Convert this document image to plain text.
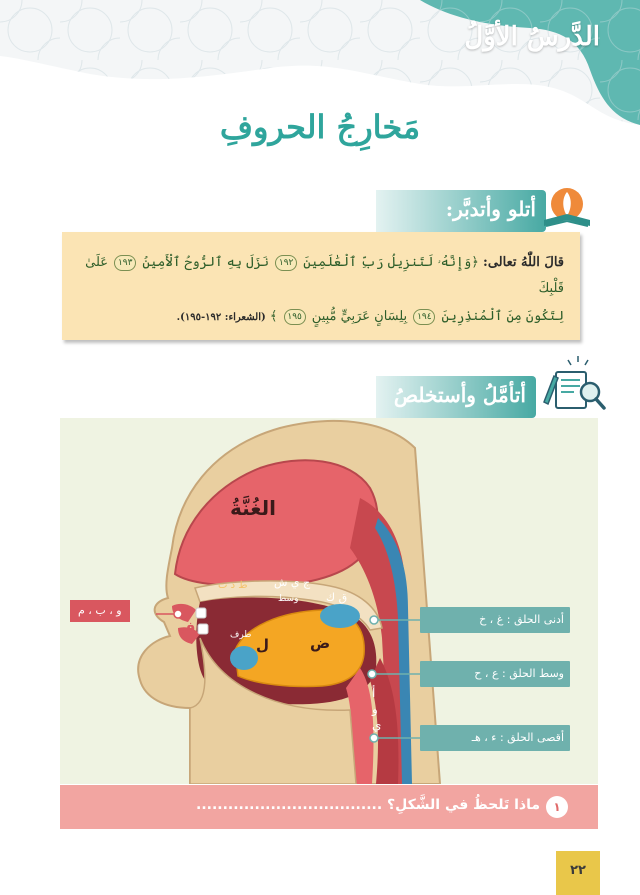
الدَّرسُ الأوَّلُ
مَخارِجُ الحروفِ
أتلو وأتدبَّر:
قالَ اللّٰهُ تعالى: ﴿وَإِنَّهُۥ لَتَنزِيلُ رَبِّ ٱلْعَٰلَمِينَ ١٩٢ نَزَلَ بِهِ ٱلرُّوحُ ٱلْأَمِينُ ١٩٣ عَلَىٰ قَلْبِكَ
لِتَكُونَ مِنَ ٱلْمُنذِرِينَ ١٩٤ بِلِسَانٍ عَرَبِيٍّ مُّبِينٍ ١٩٥ ﴾ (الشعراء: ١٩٢-١٩٥).
أتأمَّلُ وأستخلصُ
الغُنَّةُ
و ، ب ، م
ف
ج ي ش
ق ك
ط د ت
وسط
طرف	ض
ل
أ
و
ي
أدنى الحلق : غ ، خ
وسط الحلق : ع ، ح
أقصى الحلق : ء ، هـ
١
ماذا تَلحظُ في الشَّكلِ؟ ...................................
٢٢
